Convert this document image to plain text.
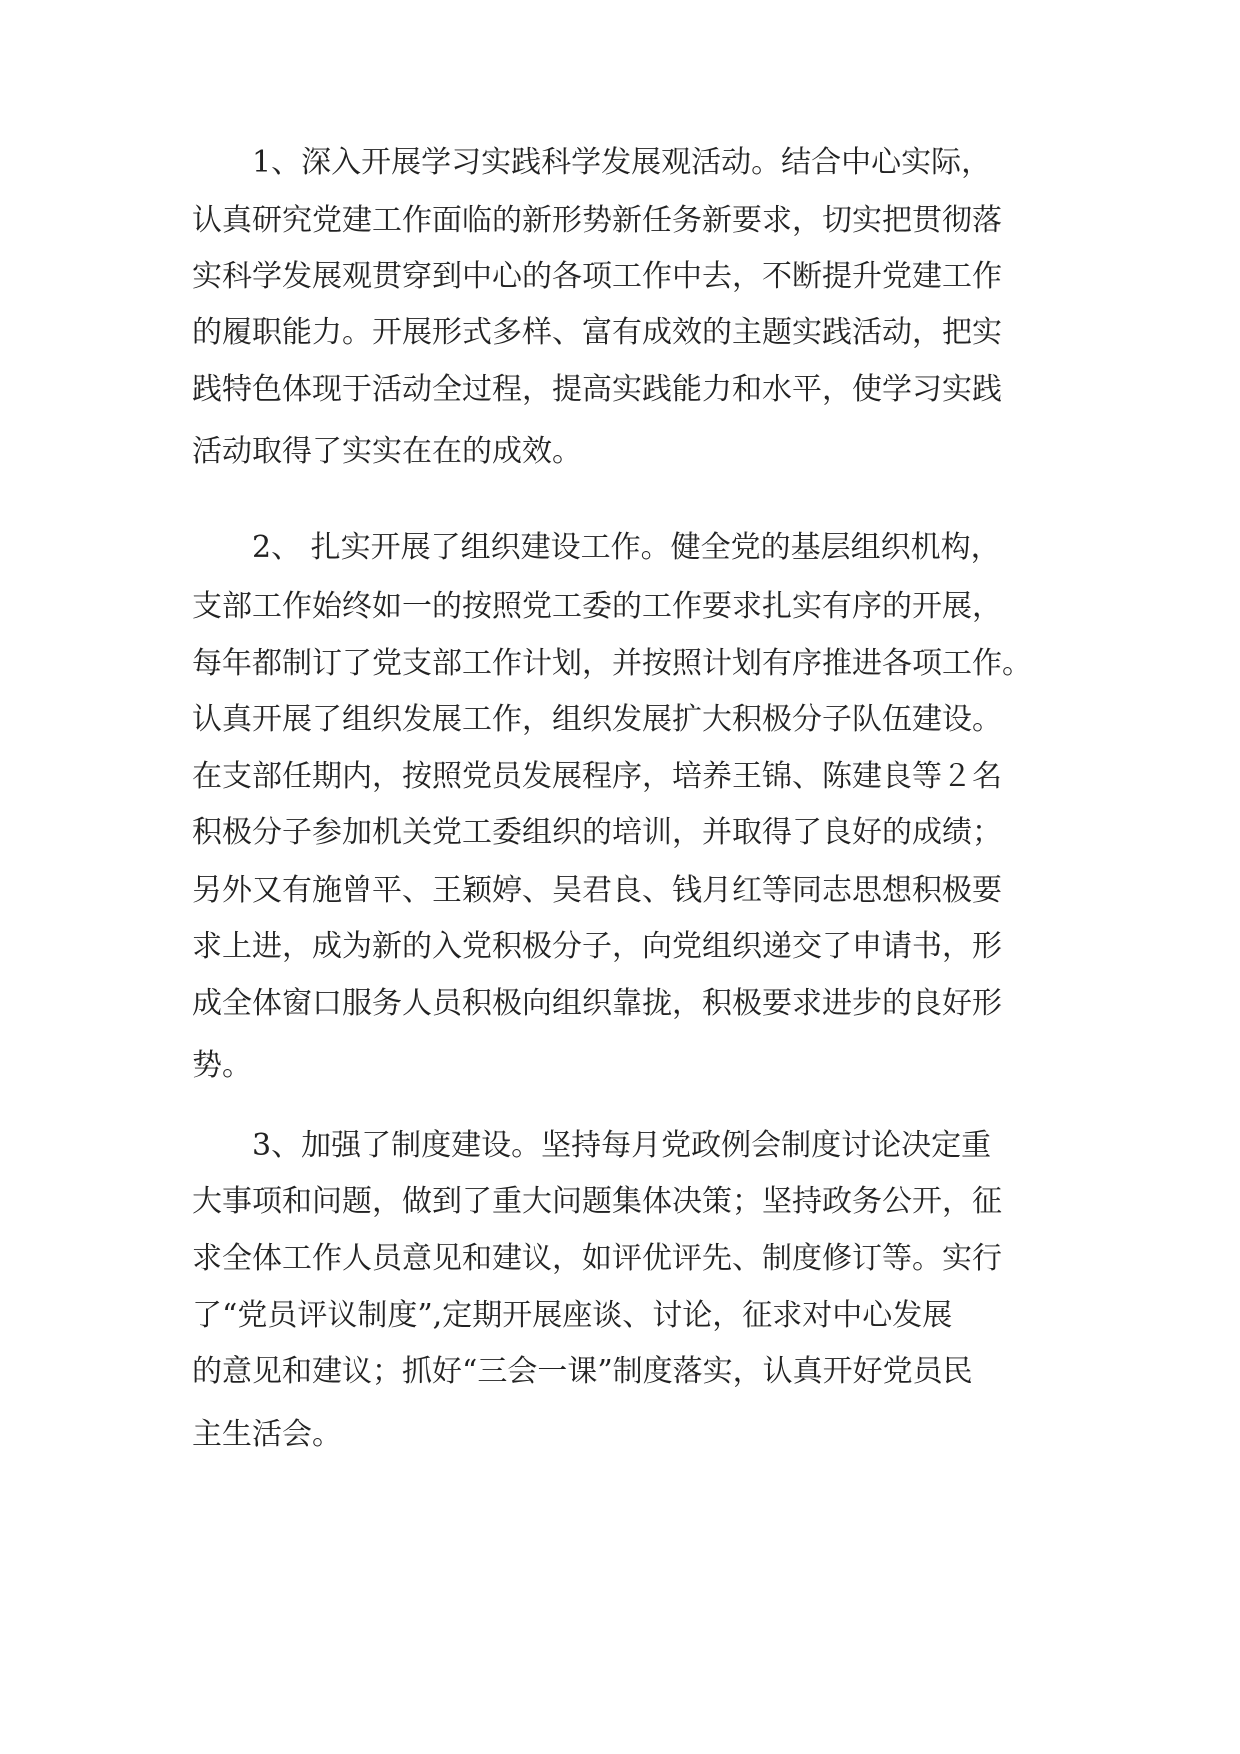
1、深入开展学习实践科学发展观活动。结合中心实际，
认真研究党建工作面临的新形势新任务新要求，切实把贯彻落
实科学发展观贯穿到中心的各项工作中去，不断提升党建工作
的履职能力。开展形式多样、富有成效的主题实践活动，把实
践特色体现于活动全过程，提高实践能力和水平，使学习实践
活动取得了实实在在的成效。
2、 扎实开展了组织建设工作。健全党的基层组织机构，
支部工作始终如一的按照党工委的工作要求扎实有序的开展，
每年都制订了党支部工作计划，并按照计划有序推进各项工作。
认真开展了组织发展工作，组织发展扩大积极分子队伍建设。
在支部任期内，按照党员发展程序，培养王锦、陈建良等２名
积极分子参加机关党工委组织的培训，并取得了良好的成绩；
另外又有施曾平、王颖婷、吴君良、钱月红等同志思想积极要
求上进，成为新的入党积极分子，向党组织递交了申请书，形
成全体窗口服务人员积极向组织靠拢，积极要求进步的良好形
势。
3、加强了制度建设。坚持每月党政例会制度讨论决定重
大事项和问题，做到了重大问题集体决策；坚持政务公开，征
求全体工作人员意见和建议，如评优评先、制度修订等。实行
了“党员评议制度”,定期开展座谈、讨论，征求对中心发展
的意见和建议；抓好“三会一课”制度落实，认真开好党员民
主生活会。
